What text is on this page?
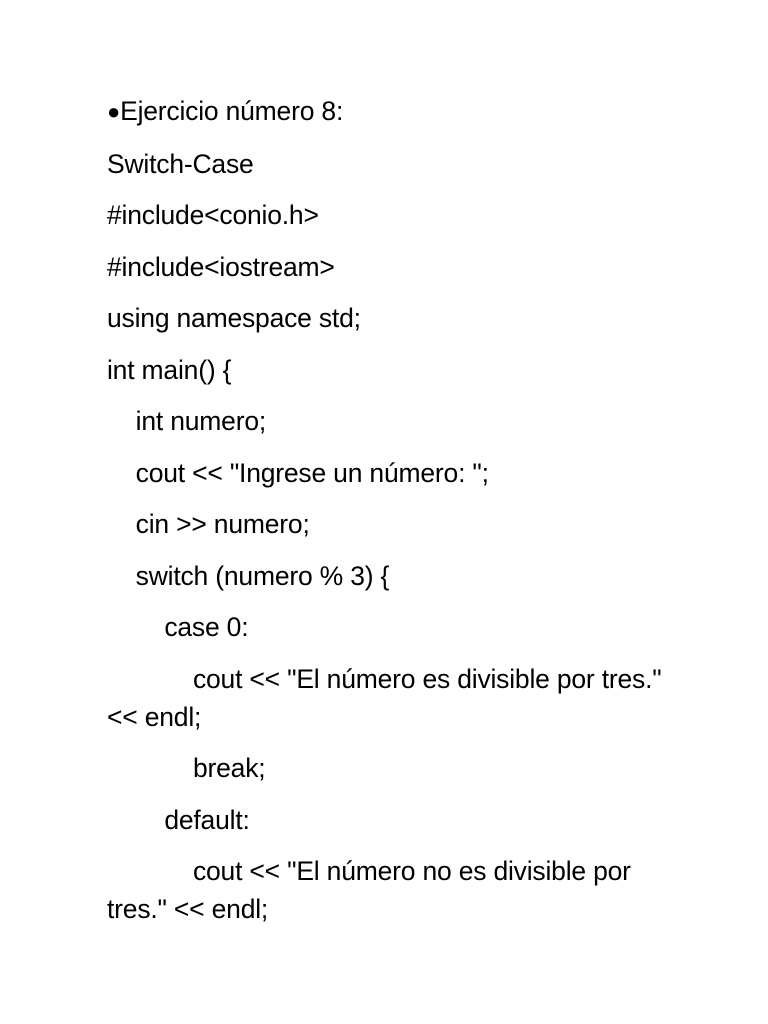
●Ejercicio número 8:
Switch-Case
#include<conio.h>
#include<iostream>
using namespace std;
int main() {
int numero;
cout << "Ingrese un número: ";
cin >> numero;
switch (numero % 3) {
case 0:
cout << "El número es divisible por tres." << endl;
break;
default:
cout << "El número no es divisible por tres." << endl;
